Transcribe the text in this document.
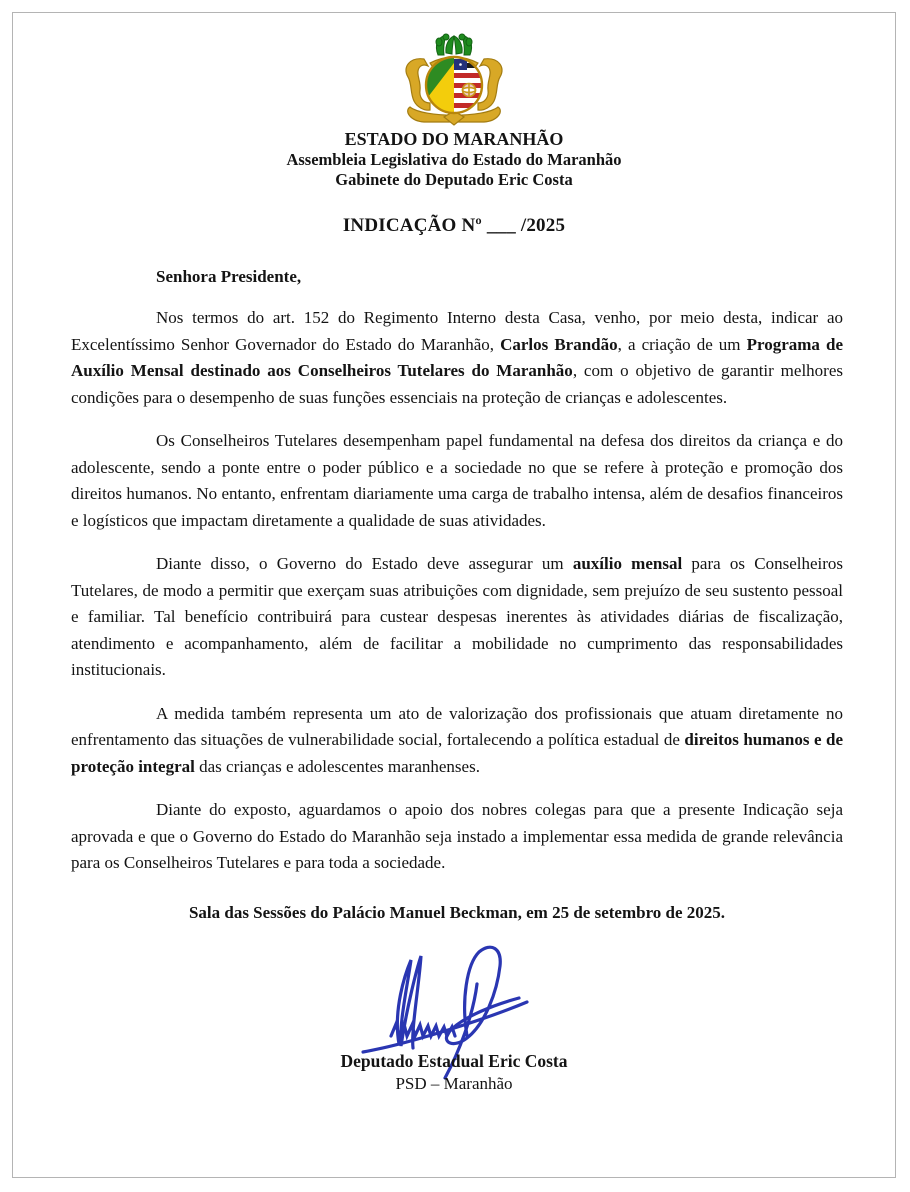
ESTADO DO MARANHÃO
Assembleia Legislativa do Estado do Maranhão
Gabinete do Deputado Eric Costa
INDICAÇÃO Nº ___ /2025

Senhora Presidente,

Nos termos do art. 152 do Regimento Interno desta Casa, venho, por meio desta, indicar ao Excelentíssimo Senhor Governador do Estado do Maranhão, Carlos Brandão, a criação de um Programa de Auxílio Mensal destinado aos Conselheiros Tutelares do Maranhão, com o objetivo de garantir melhores condições para o desempenho de suas funções essenciais na proteção de crianças e adolescentes.

Os Conselheiros Tutelares desempenham papel fundamental na defesa dos direitos da criança e do adolescente, sendo a ponte entre o poder público e a sociedade no que se refere à proteção e promoção dos direitos humanos. No entanto, enfrentam diariamente uma carga de trabalho intensa, além de desafios financeiros e logísticos que impactam diretamente a qualidade de suas atividades.

Diante disso, o Governo do Estado deve assegurar um auxílio mensal para os Conselheiros Tutelares, de modo a permitir que exerçam suas atribuições com dignidade, sem prejuízo de seu sustento pessoal e familiar. Tal benefício contribuirá para custear despesas inerentes às atividades diárias de fiscalização, atendimento e acompanhamento, além de facilitar a mobilidade no cumprimento das responsabilidades institucionais.

A medida também representa um ato de valorização dos profissionais que atuam diretamente no enfrentamento das situações de vulnerabilidade social, fortalecendo a política estadual de direitos humanos e de proteção integral das crianças e adolescentes maranhenses.

Diante do exposto, aguardamos o apoio dos nobres colegas para que a presente Indicação seja aprovada e que o Governo do Estado do Maranhão seja instado a implementar essa medida de grande relevância para os Conselheiros Tutelares e para toda a sociedade.

Sala das Sessões do Palácio Manuel Beckman, em 25 de setembro de 2025.

Deputado Estadual Eric Costa
PSD – Maranhão
